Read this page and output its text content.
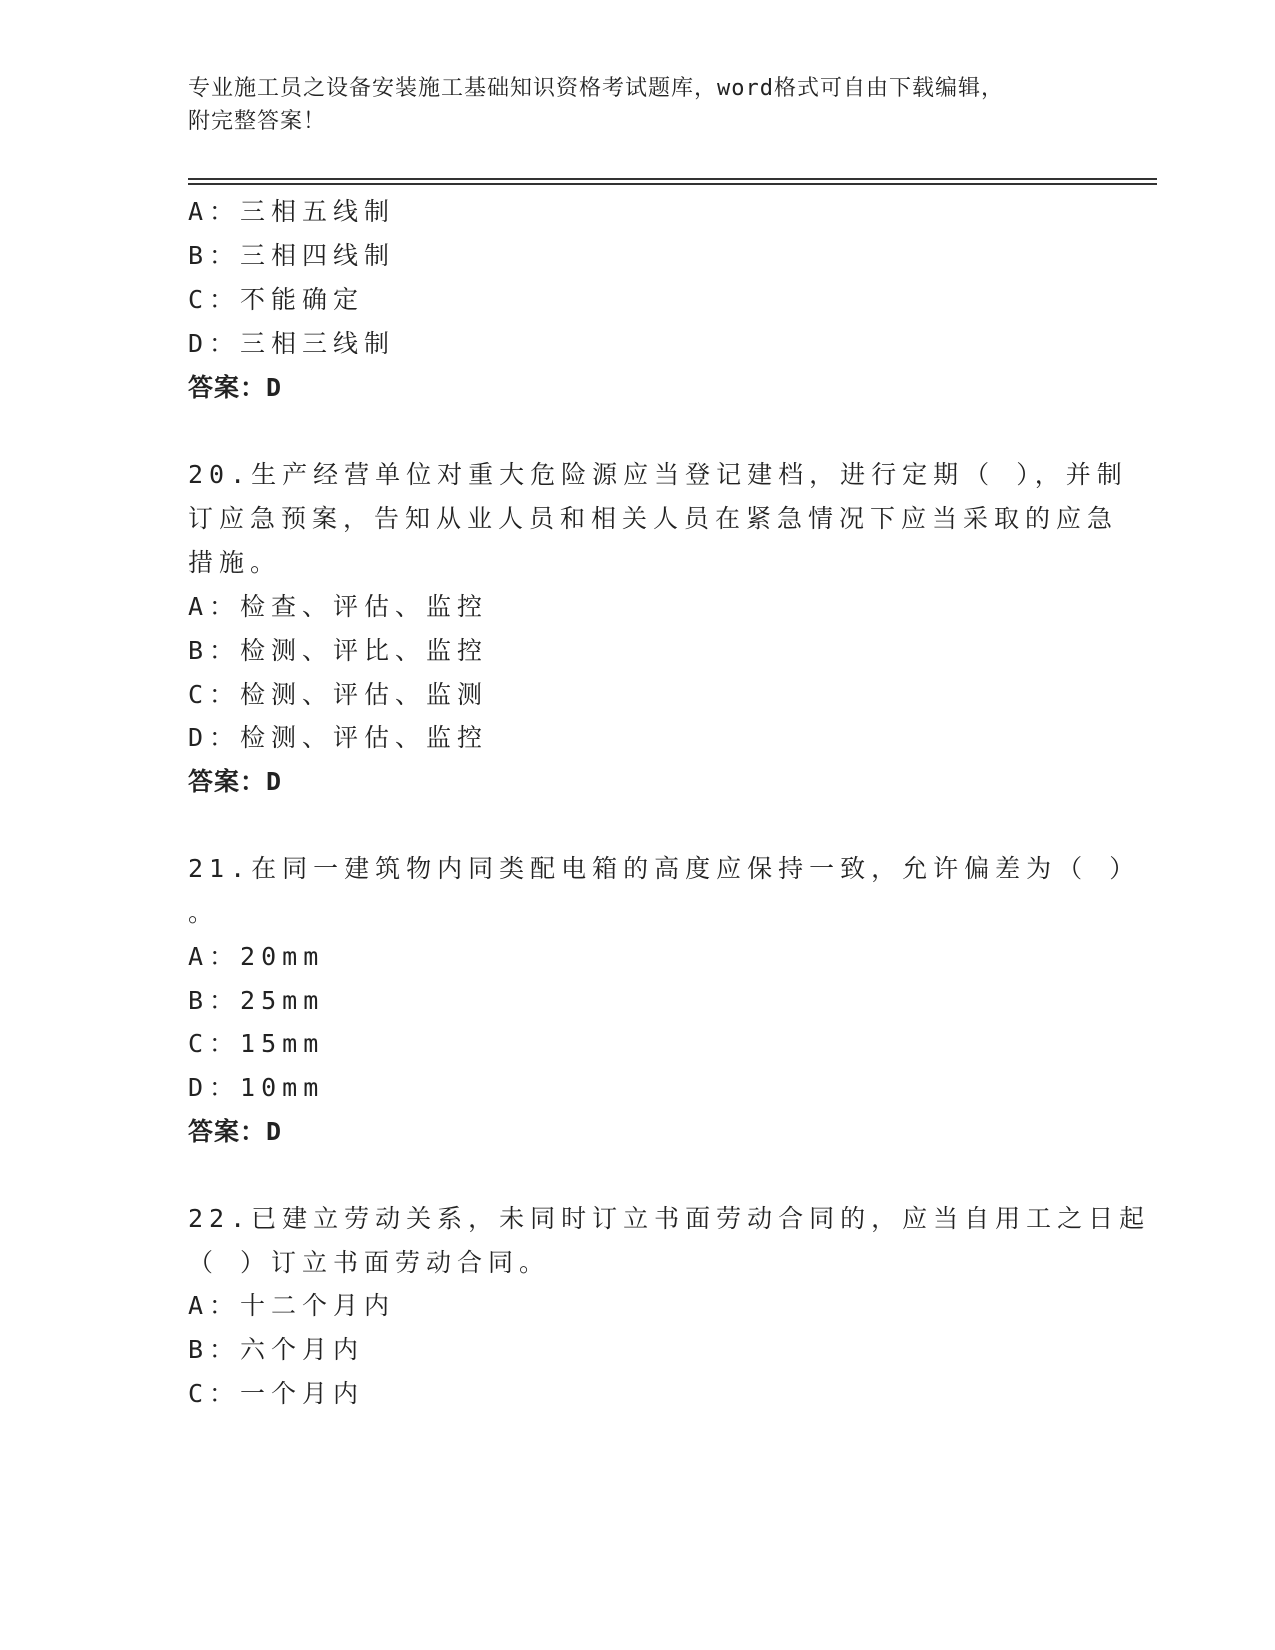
专业施工员之设备安装施工基础知识资格考试题库，word格式可自由下载编辑，
附完整答案！
A：三相五线制
B：三相四线制
C：不能确定
D：三相三线制
答案：D
20.生产经营单位对重大危险源应当登记建档，进行定期（ ），并制
订应急预案，告知从业人员和相关人员在紧急情况下应当采取的应急
措施。
A：检查、评估、监控
B：检测、评比、监控
C：检测、评估、监测
D：检测、评估、监控
答案：D
21.在同一建筑物内同类配电箱的高度应保持一致，允许偏差为（ ）
。
A：20mm
B：25mm
C：15mm
D：10mm
答案：D
22.已建立劳动关系，未同时订立书面劳动合同的，应当自用工之日起
（ ）订立书面劳动合同。
A：十二个月内
B：六个月内
C：一个月内
